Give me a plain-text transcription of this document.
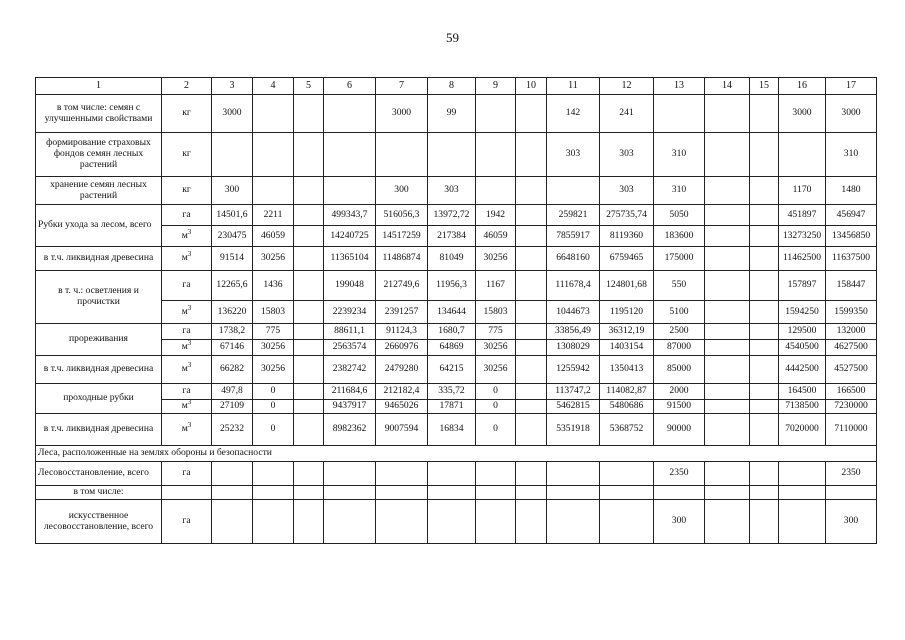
59
1	2	3	4	5	6	7	8	9	10	11	12	13	14	15	16	17
в том числе: семян с улучшенными свойствами	кг	3000				3000	99			142	241				3000	3000
формирование страховых фондов семян лесных растений	кг									303	303	310				310
хранение семян лесных растений	кг	300				300	303				303	310			1170	1480
Рубки ухода за лесом, всего	га	14501,6	2211		499343,7	516056,3	13972,72	1942		259821	275735,74	5050			451897	456947
	$м^3$	230475	46059		14240725	14517259	217384	46059		7855917	8119360	183600			13273250	13456850
в т.ч. ликвидная древесина	$м^3$	91514	30256		11365104	11486874	81049	30256		6648160	6759465	175000			11462500	11637500
в т. ч.: осветления и прочистки	га	12265,6	1436		199048	212749,6	11956,3	1167		111678,4	124801,68	550			157897	158447
	$м^3$	136220	15803		2239234	2391257	134644	15803		1044673	1195120	5100			1594250	1599350
прореживания	га	1738,2	775		88611,1	91124,3	1680,7	775		33856,49	36312,19	2500			129500	132000
	$м^3$	67146	30256		2563574	2660976	64869	30256		1308029	1403154	87000			4540500	4627500
в т.ч. ликвидная древесина	$м^3$	66282	30256		2382742	2479280	64215	30256		1255942	1350413	85000			4442500	4527500
проходные рубки	га	497,8	0		211684,6	212182,4	335,72	0		113747,2	114082,87	2000			164500	166500
	$м^3$	27109	0		9437917	9465026	17871	0		5462815	5480686	91500			7138500	7230000
в т.ч. ликвидная древесина	$м^3$	25232	0		8982362	9007594	16834	0		5351918	5368752	90000			7020000	7110000
Леса, расположенные на землях обороны и безопасности																
Лесовосстановление, всего	га											2350				2350
в том числе:																
искусственное лесовосстановление, всего	га											300				300
